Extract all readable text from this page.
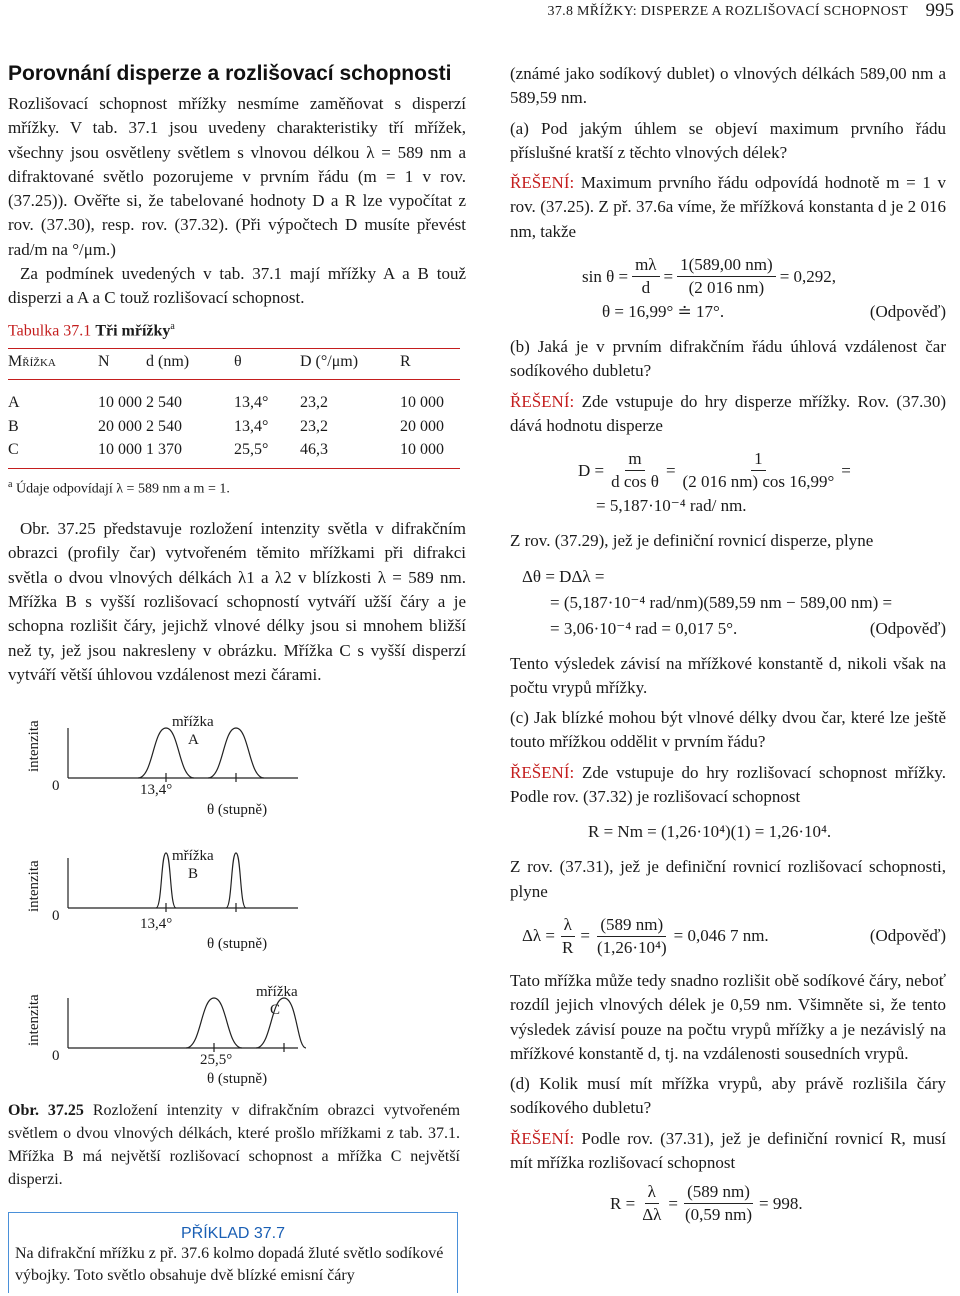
37.8 MŘÍŽKY: DISPERZE A ROZLIŠOVACÍ SCHOPNOST 995
Porovnání disperze a rozlišovací schopnosti

Rozlišovací schopnost mřížky nesmíme zaměňovat s disperzí mřížky. V tab. 37.1 jsou uvedeny charakteristiky tří mřížek, všechny jsou osvětleny světlem s vlnovou délkou λ = 589 nm a difraktované světlo pozorujeme v prvním řádu (m = 1 v rov. (37.25)). Ověřte si, že tabelované hodnoty D a R lze vypočítat z rov. (37.30), resp. rov. (37.32). (Při výpočtech D musíte převést rad/m na °/μm.)

Za podmínek uvedených v tab. 37.1 mají mřížky A a B touž disperzi a A a C touž rozlišovací schopnost.

Tabulka 37.1 Tři mřížky$^a$
Mřížka	N	d (nm)	θ	D (°/μm)	R
A	10 000	2 540	13,4°	23,2	10 000
B	20 000	2 540	13,4°	23,2	20 000
C	10 000	1 370	25,5°	46,3	10 000
$^a$ Údaje odpovídají λ = 589 nm a m = 1.

Obr. 37.25 představuje rozložení intenzity světla v difrakčním obrazci (profily čar) vytvořeném těmito mřížkami při difrakci světla o dvou vlnových délkách λ1 a λ2 v blízkosti λ = 589 nm. Mřížka B s vyšší rozlišovací schopností vytváří užší čáry a je schopna rozlišit čáry, jejichž vlnové délky jsou si mnohem bližší než ty, jež jsou nakresleny v obrázku. Mřížka C s vyšší disperzí vytváří větší úhlovou vzdálenost mezi čárami.

intenzita
0
mřížka
A
13,4°
θ (stupně)
intenzita
0
mřížka
B
13,4°
θ (stupně)
intenzita
0
mřížka
C
25,5°
θ (stupně)
Obr. 37.25 Rozložení intenzity v difrakčním obrazci vytvořeném světlem o dvou vlnových délkách, které prošlo mřížkami z tab. 37.1. Mřížka B má největší rozlišovací schopnost a mřížka C největší disperzi.
PŘÍKLAD 37.7
Na difrakční mřížku z př. 37.6 kolmo dopadá žluté světlo sodíkové výbojky. Toto světlo obsahuje dvě blízké emisní čáry

(známé jako sodíkový dublet) o vlnových délkách 589,00 nm a 589,59 nm.

(a) Pod jakým úhlem se objeví maximum prvního řádu příslušné kratší z těchto vlnových délek?

ŘEŠENÍ: Maximum prvního řádu odpovídá hodnotě m = 1 v rov. (37.25). Z př. 37.6a víme, že mřížková konstanta d je 2 016 nm, takže

$\sin \theta = \frac{m\lambda}{d} = \frac{1(589,00 nm)}{(2 016 nm)} = 0,292$,
θ = 16,99° ≐ 17°.	(Odpověď)

(b) Jaká je v prvním difrakčním řádu úhlová vzdálenost čar sodíkového dubletu?

ŘEŠENÍ: Zde vstupuje do hry disperze mřížky. Rov. (37.30) dává hodnotu disperze

$D = \frac{m}{\text{d cos θ}} = \frac{1}{(2 016 nm) \cos 16,99^\circ}$ =
= 5,187·10⁻⁴ rad/ nm.

Z rov. (37.29), jež je definiční rovnicí disperze, plyne

Δθ = DΔλ =
= (5,187·10⁻⁴ rad/nm)(589,59 nm − 589,00 nm) =
= 3,06·10⁻⁴ rad = 0,017 5°.	(Odpověď)

Tento výsledek závisí na mřížkové konstantě d, nikoli však na počtu vrypů mřížky.

(c) Jak blízké mohou být vlnové délky dvou čar, které lze ještě touto mřížkou oddělit v prvním řádu?

ŘEŠENÍ: Zde vstupuje do hry rozlišovací schopnost mřížky. Podle rov. (37.32) je rozlišovací schopnost

R = Nm = (1,26·10⁴)(1) = 1,26·10⁴.

Z rov. (37.31), jež je definiční rovnicí rozlišovací schopnosti, plyne

$\Delta\lambda = \frac{\lambda}{R} = \frac{(589 nm)}{\text{(1,26·10⁴)}} = 0,046$ 7 nm.	(Odpověď)

Tato mřížka může tedy snadno rozlišit obě sodíkové čáry, neboť rozdíl jejich vlnových délek je 0,59 nm. Všimněte si, že tento výsledek závisí pouze na počtu vrypů mřížky a je nezávislý na mřížkové konstantě d, tj. na vzdálenosti sousedních vrypů.

(d) Kolik musí mít mřížka vrypů, aby právě rozlišila čáry sodíkového dubletu?

ŘEŠENÍ: Podle rov. (37.31), jež je definiční rovnicí R, musí mít mřížka rozlišovací schopnost

$R = \frac{\lambda}{\Delta\lambda} = \frac{(589 nm)}{(0,59 nm)} = 998$.
